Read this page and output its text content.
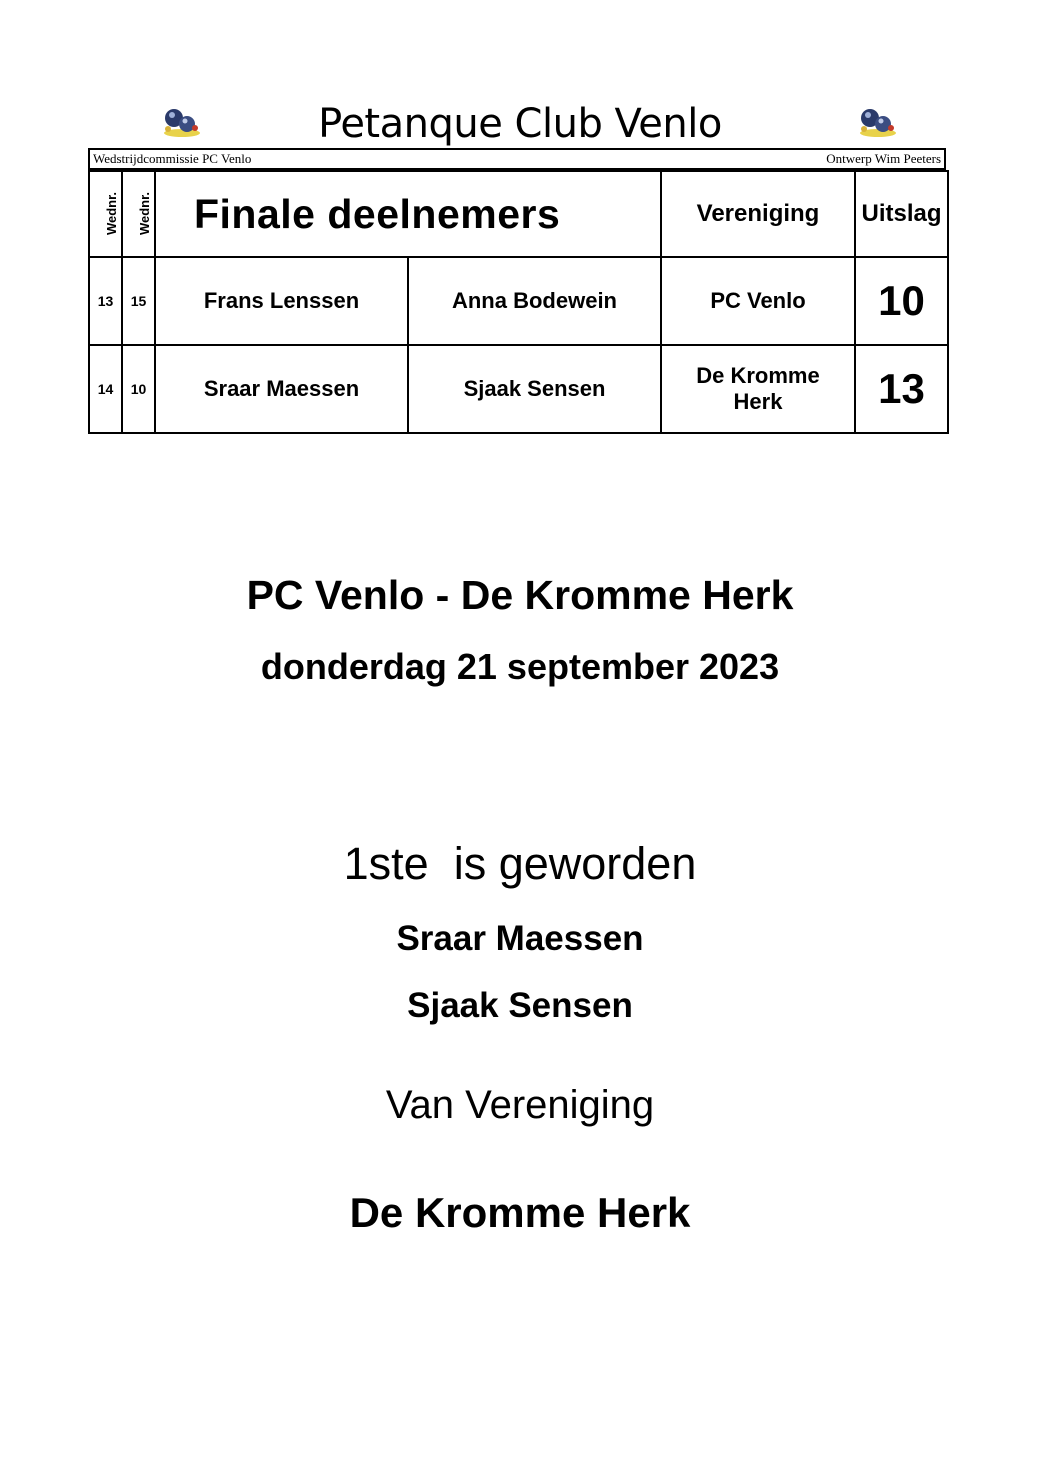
Petanque Club Venlo
Wedstrijdcommissie PC Venlo	Ontwerp Wim Peeters
Wednr.	Wednr.	Finale deelnemers		Vereniging	Uitslag
13	15	Frans Lenssen	Anna Bodewein	PC Venlo	10
14	10	Sraar Maessen	Sjaak Sensen	De Kromme Herk	13
PC Venlo - De Kromme Herk
donderdag 21 september 2023
1ste  is geworden
Sraar Maessen
Sjaak Sensen
Van Vereniging
De Kromme Herk
